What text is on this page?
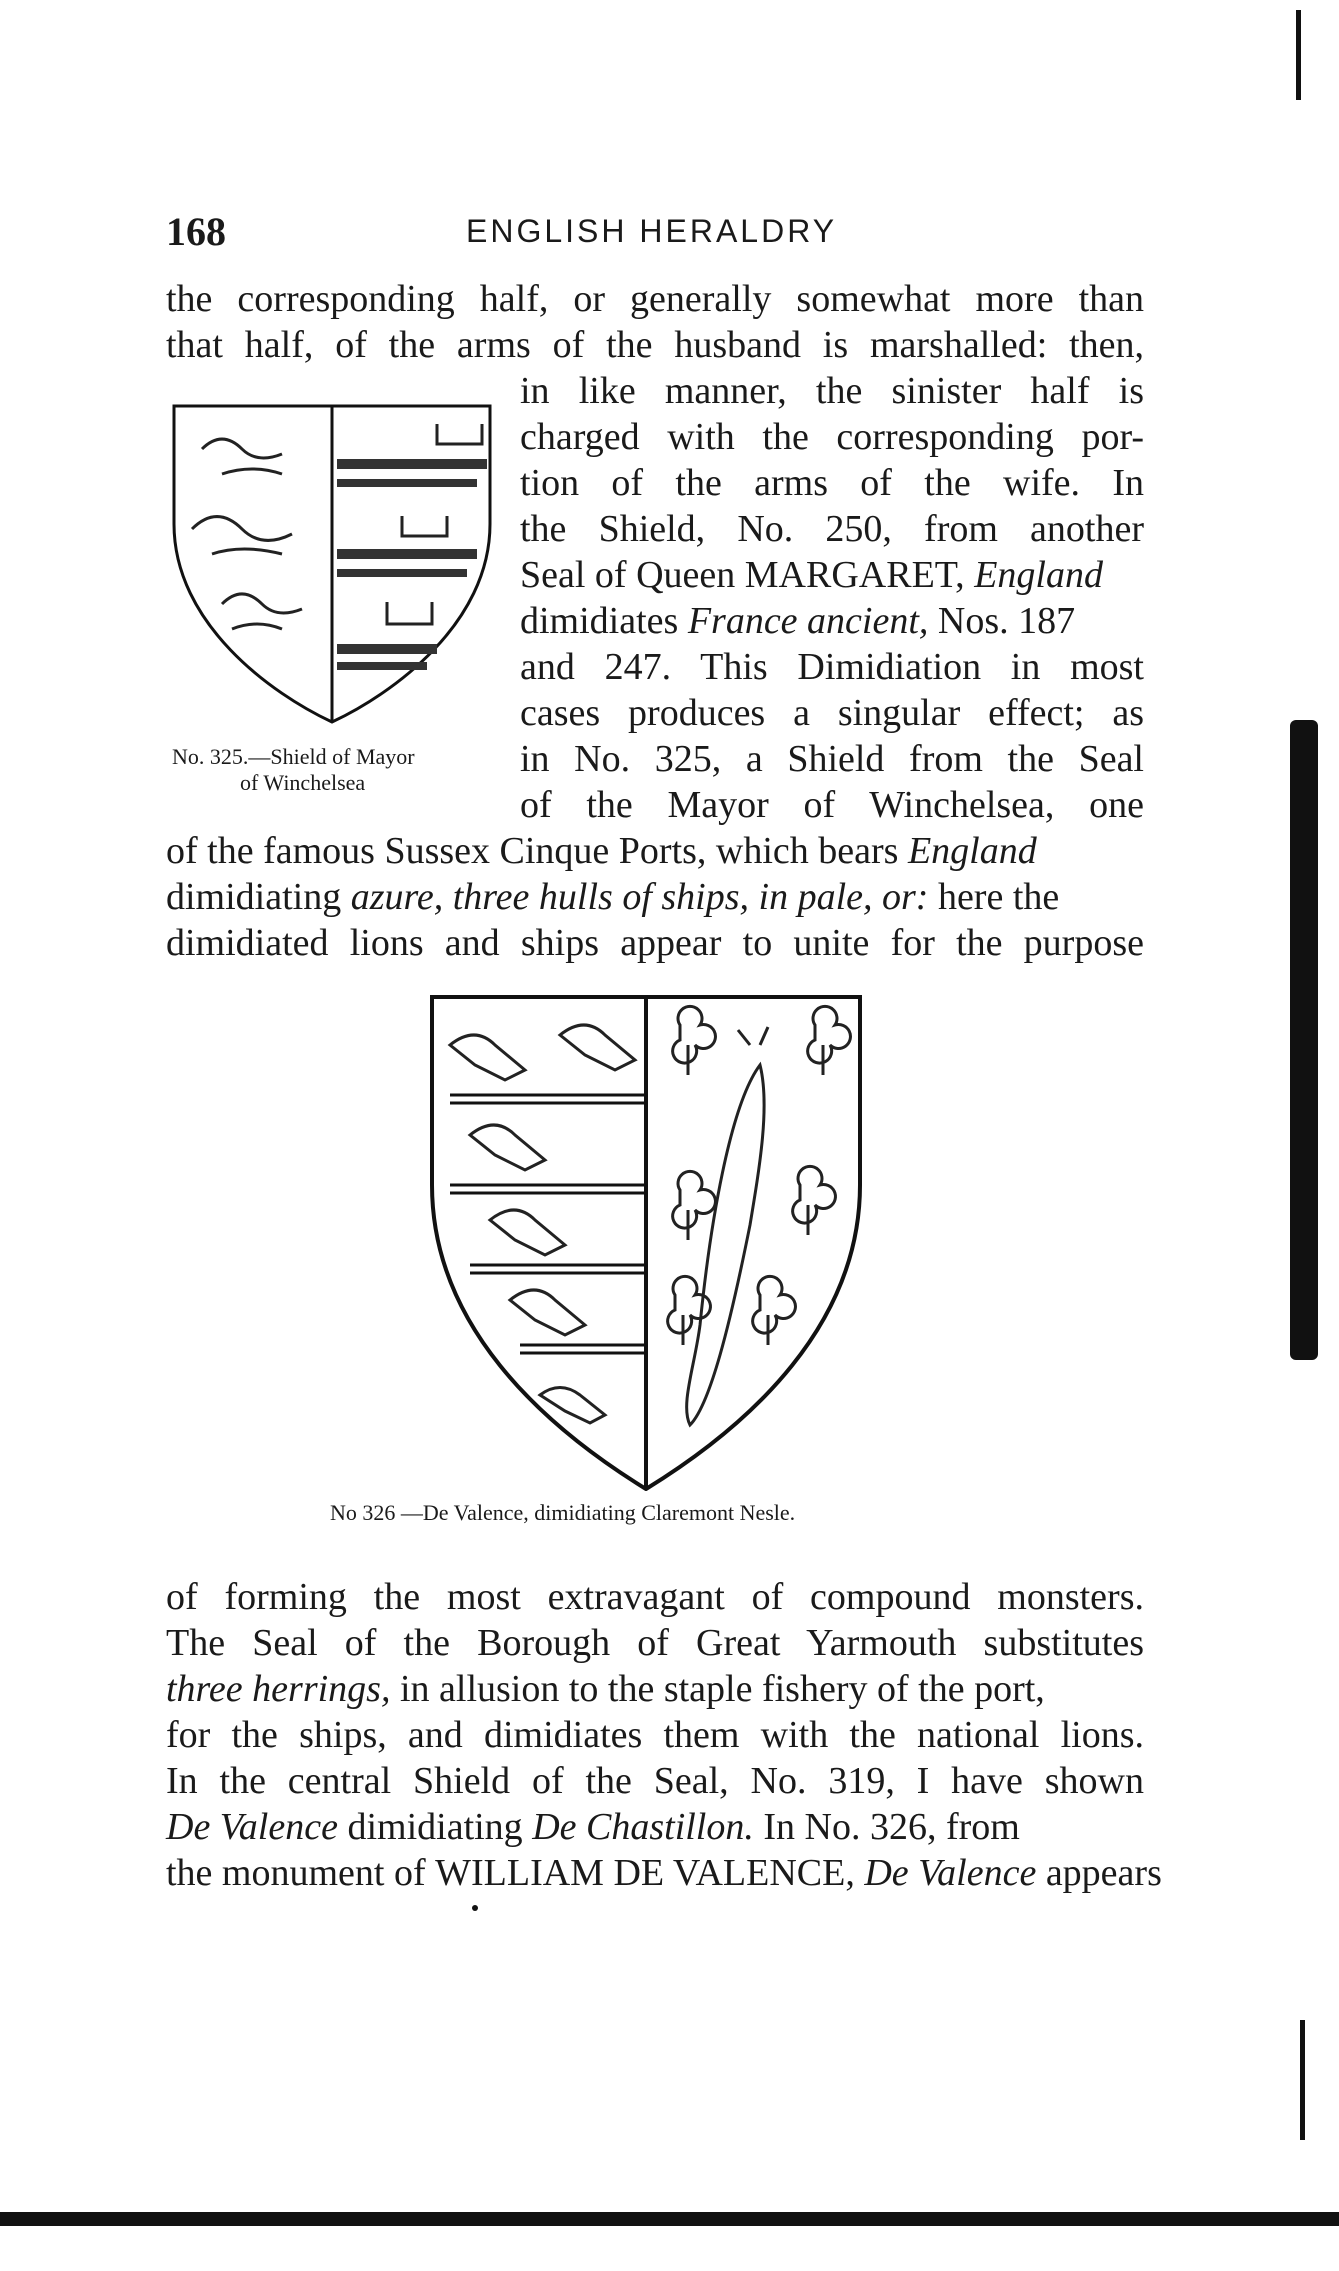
168	ENGLISH HERALDRY
the corresponding half, or generally somewhat more than
that half, of the arms of the husband is marshalled: then,
in like manner, the sinister half is
charged with the corresponding por-
tion of the arms of the wife. In
the Shield, No. 250, from another
Seal of Queen MARGARET, England
dimidiates France ancient, Nos. 187
and 247. This Dimidiation in most
cases produces a singular effect; as
in No. 325, a Shield from the Seal
of the Mayor of Winchelsea, one
of the famous Sussex Cinque Ports, which bears England
dimidiating azure, three hulls of ships, in pale, or: here the
dimidiated lions and ships appear to unite for the purpose
No. 325.—Shield of Mayor
of Winchelsea
No 326 —De Valence, dimidiating Claremont Nesle.
of forming the most extravagant of compound monsters.
The Seal of the Borough of Great Yarmouth substitutes
three herrings, in allusion to the staple fishery of the port,
for the ships, and dimidiates them with the national lions.
In the central Shield of the Seal, No. 319, I have shown
De Valence dimidiating De Chastillon. In No. 326, from
the monument of WILLIAM DE VALENCE, De Valence appears
